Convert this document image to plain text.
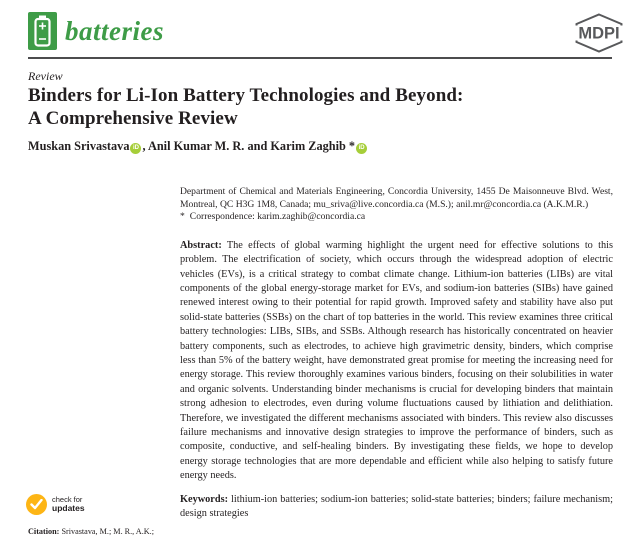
batteries	MDPI
Review
Binders for Li-Ion Battery Technologies and Beyond:
A Comprehensive Review
Muskan Srivastava iD , Anil Kumar M. R. and Karim Zaghib * iD

Department of Chemical and Materials Engineering, Concordia University, 1455 De Maisonneuve Blvd. West, Montreal, QC H3G 1M8, Canada; mu_sriva@live.concordia.ca (M.S.); anil.mr@concordia.ca (A.K.M.R.)

* Correspondence: karim.zaghib@concordia.ca

Abstract: The effects of global warming highlight the urgent need for effective solutions to this problem. The electrification of society, which occurs through the widespread adoption of electric vehicles (EVs), is a critical strategy to combat climate change. Lithium-ion batteries (LIBs) are vital components of the global energy-storage market for EVs, and sodium-ion batteries (SIBs) have gained renewed interest owing to their potential for rapid growth. Improved safety and stability have also put solid-state batteries (SSBs) on the chart of top batteries in the world. This review examines three critical battery technologies: LIBs, SIBs, and SSBs. Although research has historically concentrated on heavier battery components, such as electrodes, to achieve high gravimetric density, binders, which comprise less than 5% of the battery weight, have demonstrated great promise for meeting the increasing need for energy storage. This review thoroughly examines various binders, focusing on their solubilities in water and organic solvents. Understanding binder mechanisms is crucial for developing binders that maintain strong adhesion to electrodes, even during volume fluctuations caused by lithiation and delithiation. Therefore, we investigated the different mechanisms associated with binders. This review also discusses failure mechanisms and innovative design strategies to improve the performance of binders, such as composite, conductive, and self-healing binders. By investigating these fields, we hope to develop energy storage technologies that are more dependable and efficient while also helping to satisfy future energy needs.

Keywords: lithium-ion batteries; sodium-ion batteries; solid-state batteries; binders; failure mechanism; design strategies

check for
updates

Citation: Srivastava, M.; M. R., A.K.;
